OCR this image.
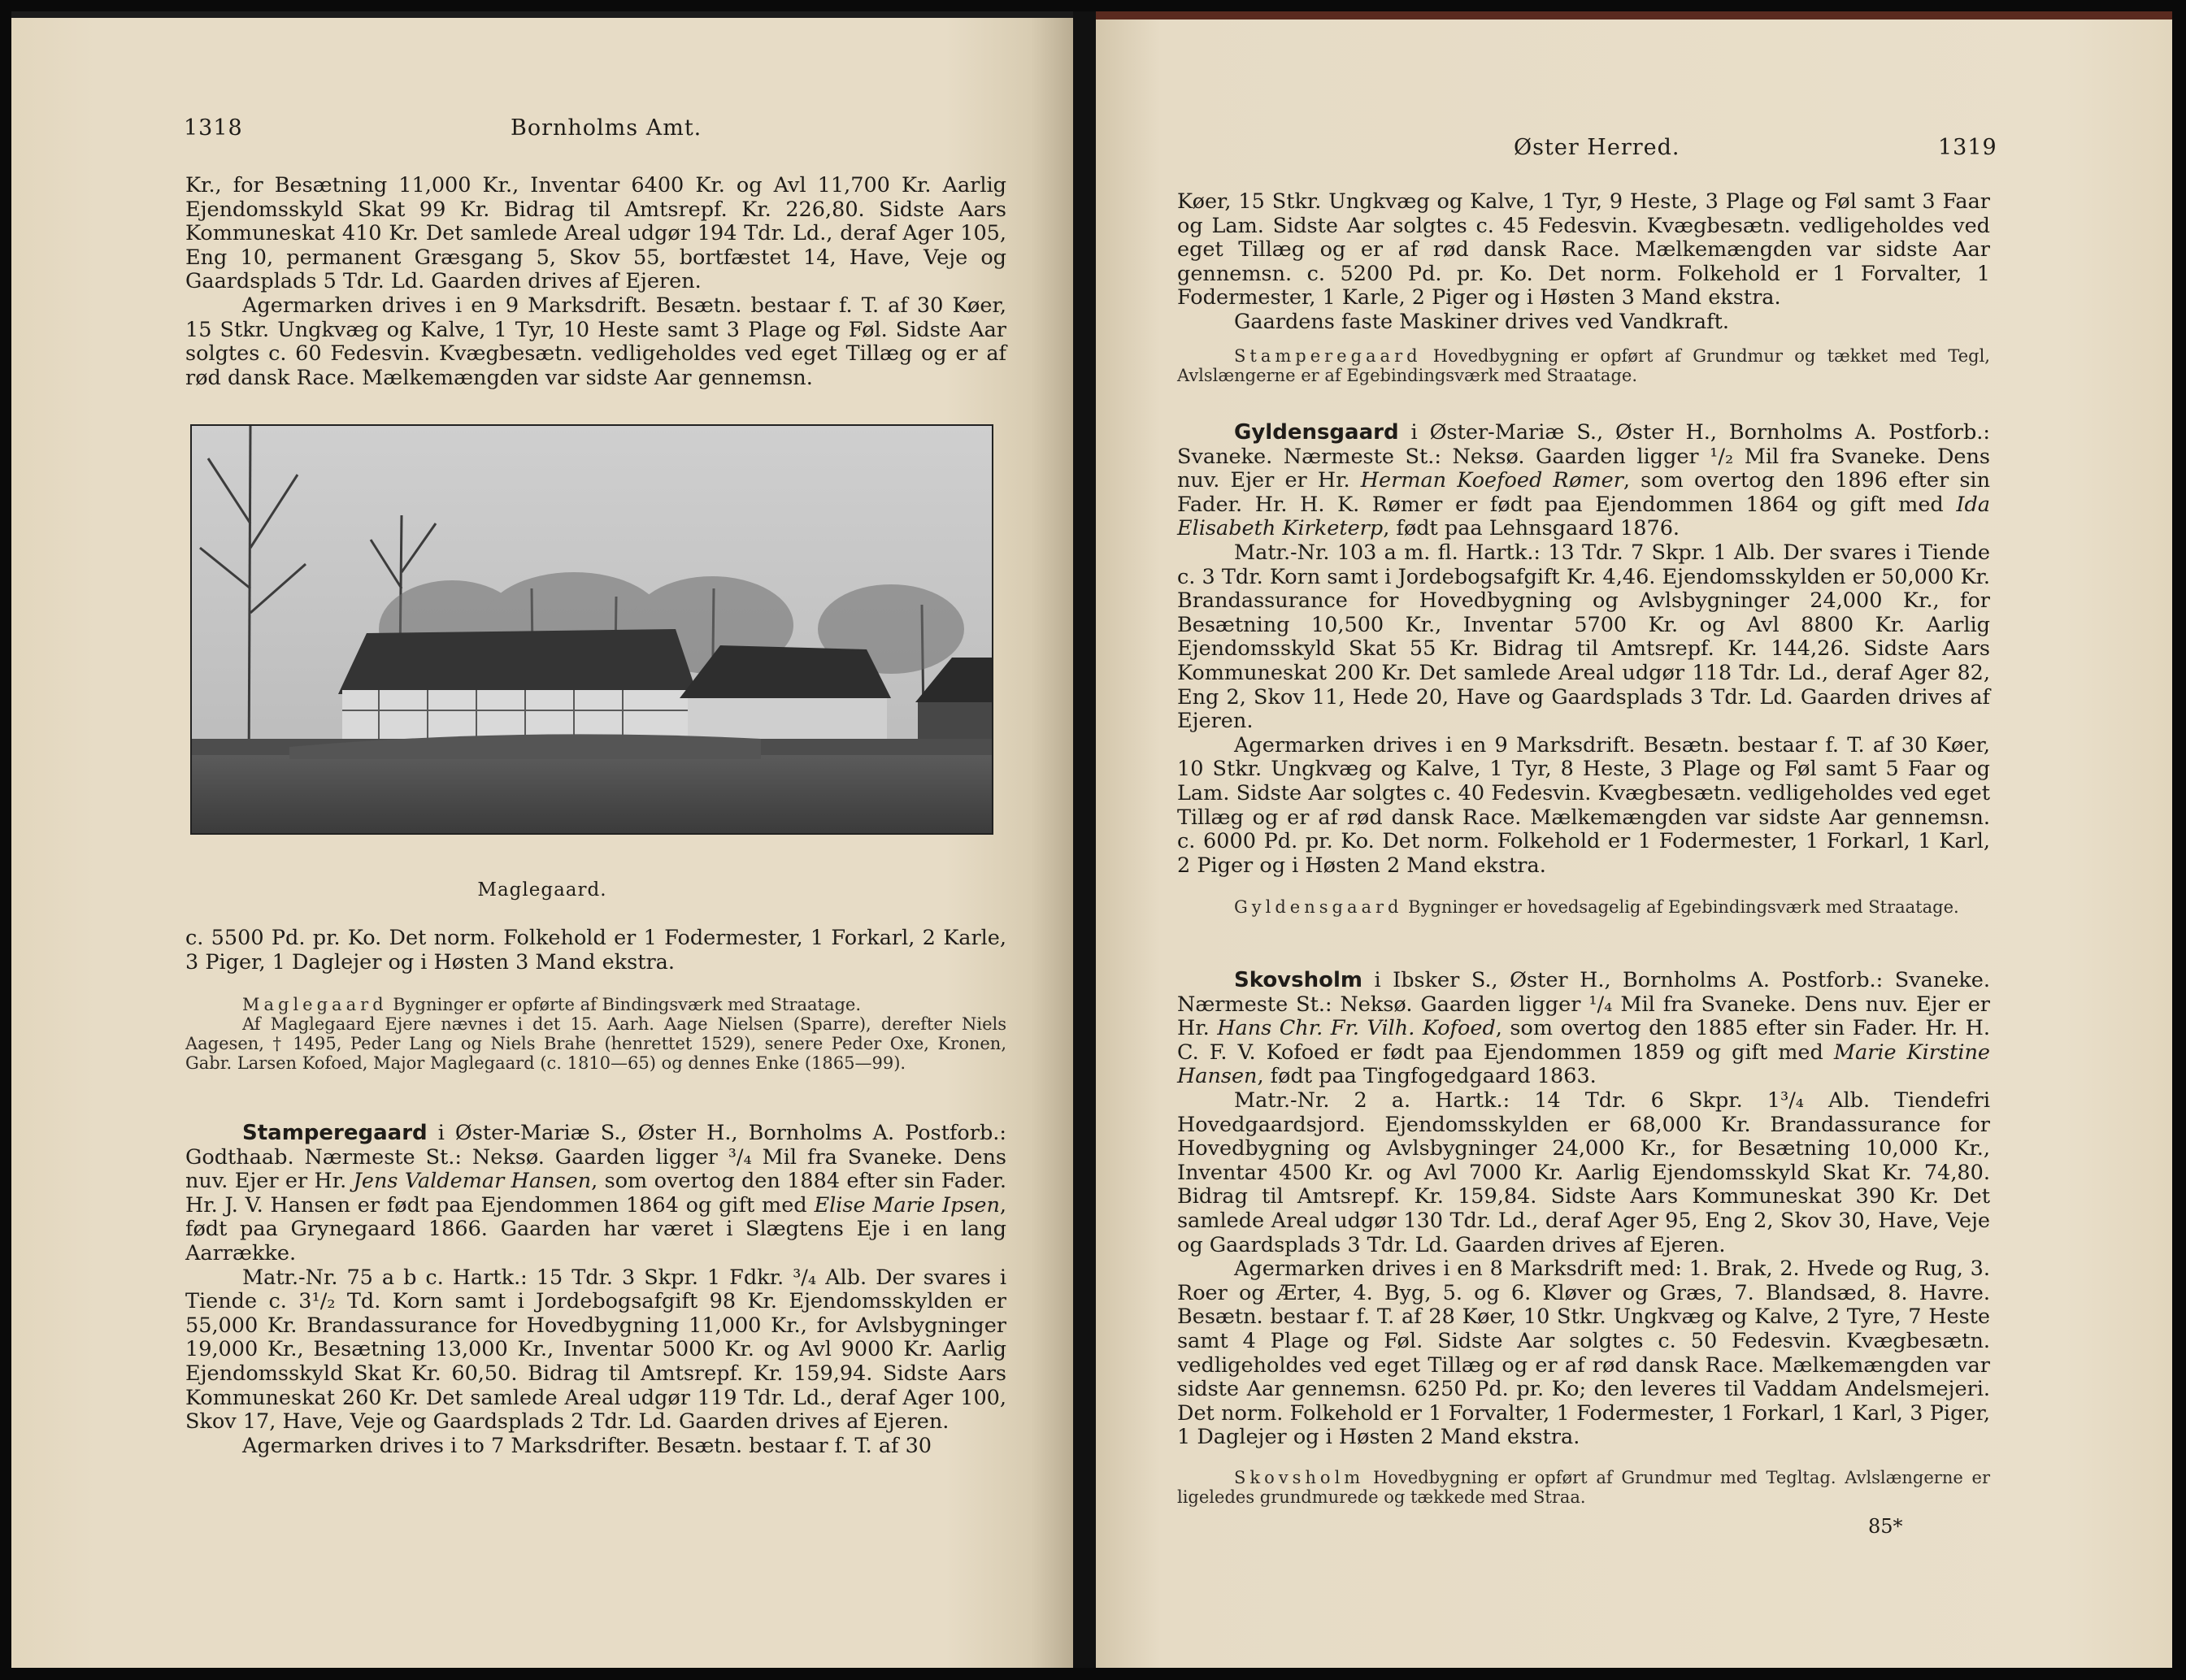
1318	Bornholms Amt.

Kr., for Besætning 11,000 Kr., Inventar 6400 Kr. og Avl 11,700 Kr. Aarlig Ejendomsskyld Skat 99 Kr. Bidrag til Amtsrepf. Kr. 226,80. Sidste Aars Kommuneskat 410 Kr. Det samlede Areal udgør 194 Tdr. Ld., deraf Ager 105, Eng 10, permanent Græsgang 5, Skov 55, bortfæstet 14, Have, Veje og Gaardsplads 5 Tdr. Ld. Gaarden drives af Ejeren.

Agermarken drives i en 9 Marksdrift. Besætn. bestaar f. T. af 30 Køer, 15 Stkr. Ungkvæg og Kalve, 1 Tyr, 10 Heste samt 3 Plage og Føl. Sidste Aar solgtes c. 60 Fedesvin. Kvægbesætn. vedligeholdes ved eget Tillæg og er af rød dansk Race. Mælkemængden var sidste Aar gennemsn.

Maglegaard.

c. 5500 Pd. pr. Ko. Det norm. Folkehold er 1 Fodermester, 1 Forkarl, 2 Karle, 3 Piger, 1 Daglejer og i Høsten 3 Mand ekstra.

Maglegaard Bygninger er opførte af Bindingsværk med Straatage.

Af Maglegaard Ejere nævnes i det 15. Aarh. Aage Nielsen (Sparre), derefter Niels Aagesen, † 1495, Peder Lang og Niels Brahe (henrettet 1529), senere Peder Oxe, Kronen, Gabr. Larsen Kofoed, Major Maglegaard (c. 1810—65) og dennes Enke (1865—99).

Stamperegaard i Øster-Mariæ S., Øster H., Bornholms A. Postforb.: Godthaab. Nærmeste St.: Neksø. Gaarden ligger ³/₄ Mil fra Svaneke. Dens nuv. Ejer er Hr. Jens Valdemar Hansen, som overtog den 1884 efter sin Fader. Hr. J. V. Hansen er født paa Ejendommen 1864 og gift med Elise Marie Ipsen, født paa Grynegaard 1866. Gaarden har været i Slægtens Eje i en lang Aarrække.

Matr.-Nr. 75 a b c. Hartk.: 15 Tdr. 3 Skpr. 1 Fdkr. ³/₄ Alb. Der svares i Tiende c. 3¹/₂ Td. Korn samt i Jordebogsafgift 98 Kr. Ejendomsskylden er 55,000 Kr. Brandassurance for Hovedbygning 11,000 Kr., for Avlsbygninger 19,000 Kr., Besætning 13,000 Kr., Inventar 5000 Kr. og Avl 9000 Kr. Aarlig Ejendomsskyld Skat Kr. 60,50. Bidrag til Amtsrepf. Kr. 159,94. Sidste Aars Kommuneskat 260 Kr. Det samlede Areal udgør 119 Tdr. Ld., deraf Ager 100, Skov 17, Have, Veje og Gaardsplads 2 Tdr. Ld. Gaarden drives af Ejeren.

Agermarken drives i to 7 Marksdrifter. Besætn. bestaar f. T. af 30

Øster Herred.	1319

Køer, 15 Stkr. Ungkvæg og Kalve, 1 Tyr, 9 Heste, 3 Plage og Føl samt 3 Faar og Lam. Sidste Aar solgtes c. 45 Fedesvin. Kvægbesætn. vedligeholdes ved eget Tillæg og er af rød dansk Race. Mælkemængden var sidste Aar gennemsn. c. 5200 Pd. pr. Ko. Det norm. Folkehold er 1 Forvalter, 1 Fodermester, 1 Karle, 2 Piger og i Høsten 3 Mand ekstra.

Gaardens faste Maskiner drives ved Vandkraft.

Stamperegaard Hovedbygning er opført af Grundmur og tækket med Tegl, Avlslængerne er af Egebindingsværk med Straatage.

Gyldensgaard i Øster-Mariæ S., Øster H., Bornholms A. Postforb.: Svaneke. Nærmeste St.: Neksø. Gaarden ligger ¹/₂ Mil fra Svaneke. Dens nuv. Ejer er Hr. Herman Koefoed Rømer, som overtog den 1896 efter sin Fader. Hr. H. K. Rømer er født paa Ejendommen 1864 og gift med Ida Elisabeth Kirketerp, født paa Lehnsgaard 1876.

Matr.-Nr. 103 a m. fl. Hartk.: 13 Tdr. 7 Skpr. 1 Alb. Der svares i Tiende c. 3 Tdr. Korn samt i Jordebogsafgift Kr. 4,46. Ejendomsskylden er 50,000 Kr. Brandassurance for Hovedbygning og Avlsbygninger 24,000 Kr., for Besætning 10,500 Kr., Inventar 5700 Kr. og Avl 8800 Kr. Aarlig Ejendomsskyld Skat 55 Kr. Bidrag til Amtsrepf. Kr. 144,26. Sidste Aars Kommuneskat 200 Kr. Det samlede Areal udgør 118 Tdr. Ld., deraf Ager 82, Eng 2, Skov 11, Hede 20, Have og Gaardsplads 3 Tdr. Ld. Gaarden drives af Ejeren.

Agermarken drives i en 9 Marksdrift. Besætn. bestaar f. T. af 30 Køer, 10 Stkr. Ungkvæg og Kalve, 1 Tyr, 8 Heste, 3 Plage og Føl samt 5 Faar og Lam. Sidste Aar solgtes c. 40 Fedesvin. Kvægbesætn. vedligeholdes ved eget Tillæg og er af rød dansk Race. Mælkemængden var sidste Aar gennemsn. c. 6000 Pd. pr. Ko. Det norm. Folkehold er 1 Fodermester, 1 Forkarl, 1 Karl, 2 Piger og i Høsten 2 Mand ekstra.

Gyldensgaard Bygninger er hovedsagelig af Egebindingsværk med Straatage.

Skovsholm i Ibsker S., Øster H., Bornholms A. Postforb.: Svaneke. Nærmeste St.: Neksø. Gaarden ligger ¹/₄ Mil fra Svaneke. Dens nuv. Ejer er Hr. Hans Chr. Fr. Vilh. Kofoed, som overtog den 1885 efter sin Fader. Hr. H. C. F. V. Kofoed er født paa Ejendommen 1859 og gift med Marie Kirstine Hansen, født paa Tingfogedgaard 1863.

Matr.-Nr. 2 a. Hartk.: 14 Tdr. 6 Skpr. 1³/₄ Alb. Tiendefri Hovedgaardsjord. Ejendomsskylden er 68,000 Kr. Brandassurance for Hovedbygning og Avlsbygninger 24,000 Kr., for Besætning 10,000 Kr., Inventar 4500 Kr. og Avl 7000 Kr. Aarlig Ejendomsskyld Skat Kr. 74,80. Bidrag til Amtsrepf. Kr. 159,84. Sidste Aars Kommuneskat 390 Kr. Det samlede Areal udgør 130 Tdr. Ld., deraf Ager 95, Eng 2, Skov 30, Have, Veje og Gaardsplads 3 Tdr. Ld. Gaarden drives af Ejeren.

Agermarken drives i en 8 Marksdrift med: 1. Brak, 2. Hvede og Rug, 3. Roer og Ærter, 4. Byg, 5. og 6. Kløver og Græs, 7. Blandsæd, 8. Havre. Besætn. bestaar f. T. af 28 Køer, 10 Stkr. Ungkvæg og Kalve, 2 Tyre, 7 Heste samt 4 Plage og Føl. Sidste Aar solgtes c. 50 Fedesvin. Kvægbesætn. vedligeholdes ved eget Tillæg og er af rød dansk Race. Mælkemængden var sidste Aar gennemsn. 6250 Pd. pr. Ko; den leveres til Vaddam Andelsmejeri. Det norm. Folkehold er 1 Forvalter, 1 Fodermester, 1 Forkarl, 1 Karl, 3 Piger, 1 Daglejer og i Høsten 2 Mand ekstra.

Skovsholm Hovedbygning er opført af Grundmur med Tegltag. Avlslængerne er ligeledes grundmurede og tækkede med Straa.

85*
